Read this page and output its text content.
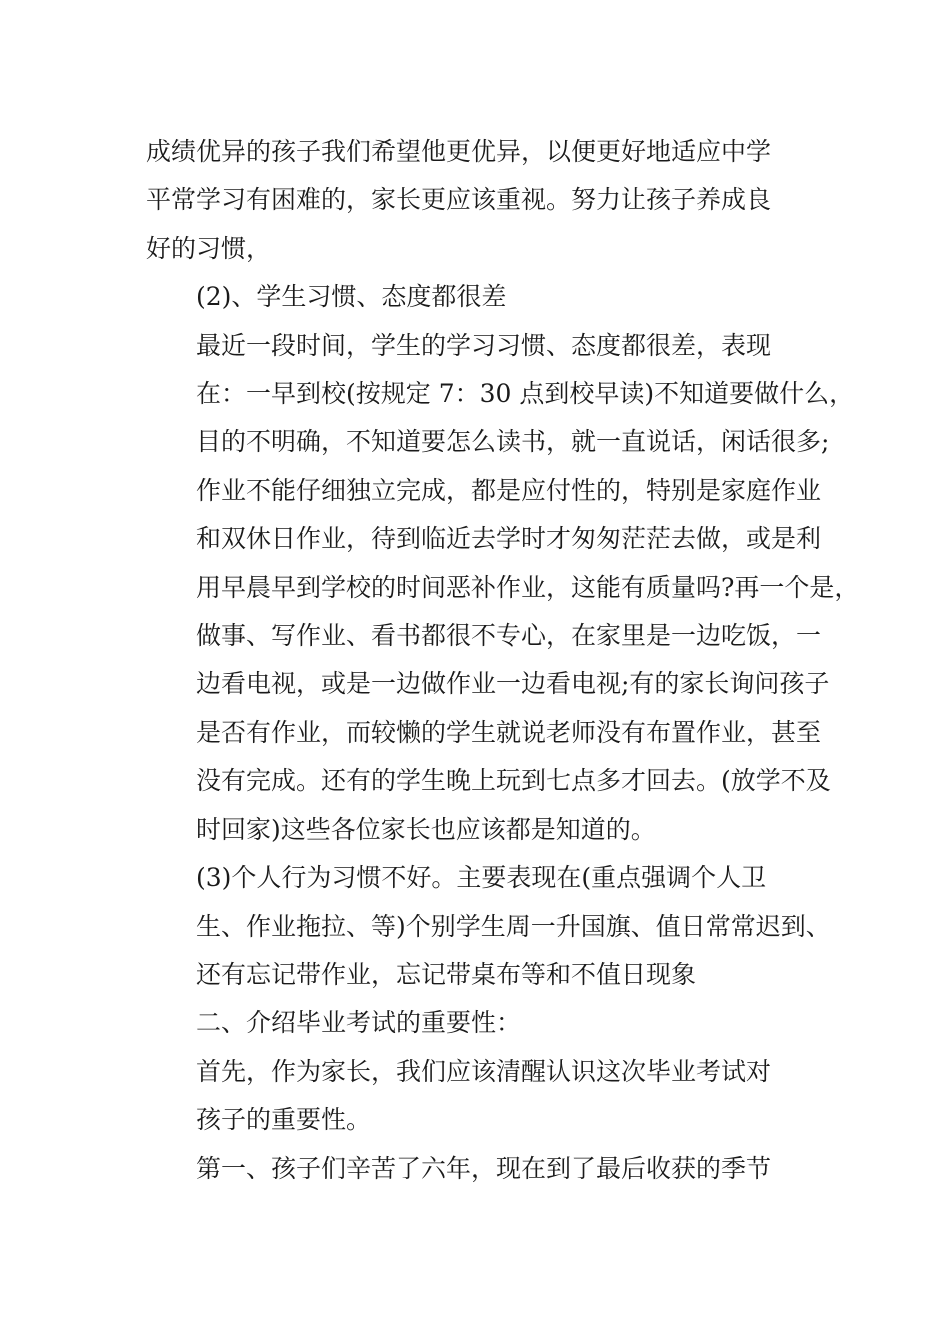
成绩优异的孩子我们希望他更优异，以便更好地适应中学

平常学习有困难的，家长更应该重视。努力让孩子养成良
好的习惯，

(2)、学生习惯、态度都很差

最近一段时间，学生的学习习惯、态度都很差，表现
在：一早到校(按规定 7：30 点到校早读)不知道要做什么，
目的不明确，不知道要怎么读书，就一直说话，闲话很多;
作业不能仔细独立完成，都是应付性的，特别是家庭作业
和双休日作业，待到临近去学时才匆匆茫茫去做，或是利
用早晨早到学校的时间恶补作业，这能有质量吗?再一个是，
做事、写作业、看书都很不专心，在家里是一边吃饭，一
边看电视，或是一边做作业一边看电视;有的家长询问孩子
是否有作业，而较懒的学生就说老师没有布置作业，甚至
没有完成。还有的学生晚上玩到七点多才回去。(放学不及
时回家)这些各位家长也应该都是知道的。

(3)个人行为习惯不好。主要表现在(重点强调个人卫
生、作业拖拉、等)个别学生周一升国旗、值日常常迟到、
还有忘记带作业，忘记带桌布等和不值日现象

二、介绍毕业考试的重要性：

首先，作为家长，我们应该清醒认识这次毕业考试对
孩子的重要性。

第一、孩子们辛苦了六年，现在到了最后收获的季节
